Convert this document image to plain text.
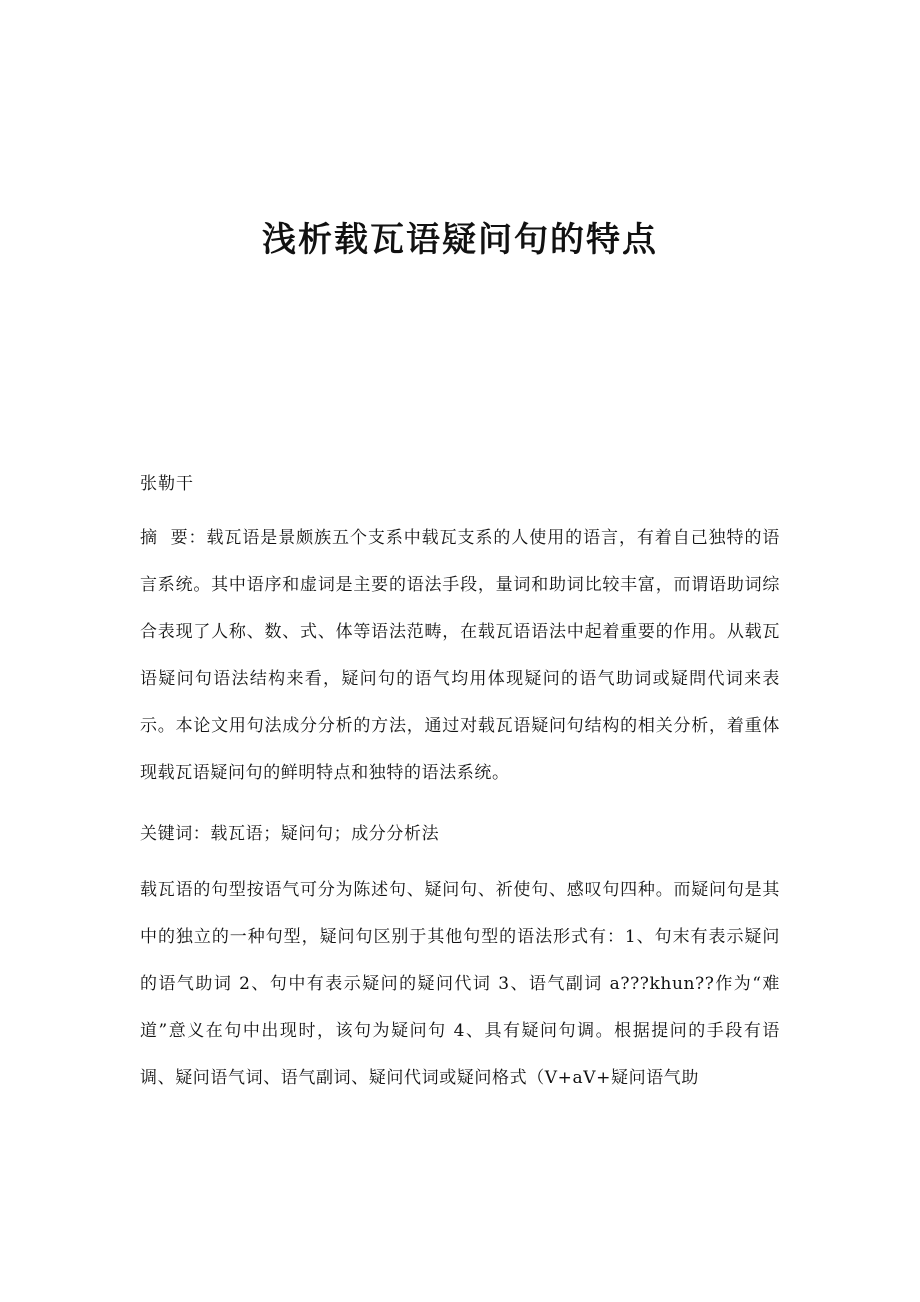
浅析载瓦语疑问句的特点
张勒干

摘  要：载瓦语是景颇族五个支系中载瓦支系的人使用的语言，有着自己独特的语言系统。其中语序和虚词是主要的语法手段，量词和助词比较丰富，而谓语助词综合表现了人称、数、式、体等语法范畴，在载瓦语语法中起着重要的作用。从载瓦语疑问句语法结构来看，疑问句的语气均用体现疑问的语气助词或疑問代词来表示。本论文用句法成分分析的方法，通过对载瓦语疑问句结构的相关分析，着重体现载瓦语疑问句的鲜明特点和独特的语法系统。

关键词：载瓦语；疑问句；成分分析法

载瓦语的句型按语气可分为陈述句、疑问句、祈使句、感叹句四种。而疑问句是其中的独立的一种句型，疑问句区别于其他句型的语法形式有：1、句末有表示疑问的语气助词 2、句中有表示疑问的疑问代词 3、语气副词 a???khun??作为“难道”意义在句中出现时，该句为疑问句 4、具有疑问句调。根据提问的手段有语调、疑问语气词、语气副词、疑问代词或疑问格式（V+aV+疑问语气助
